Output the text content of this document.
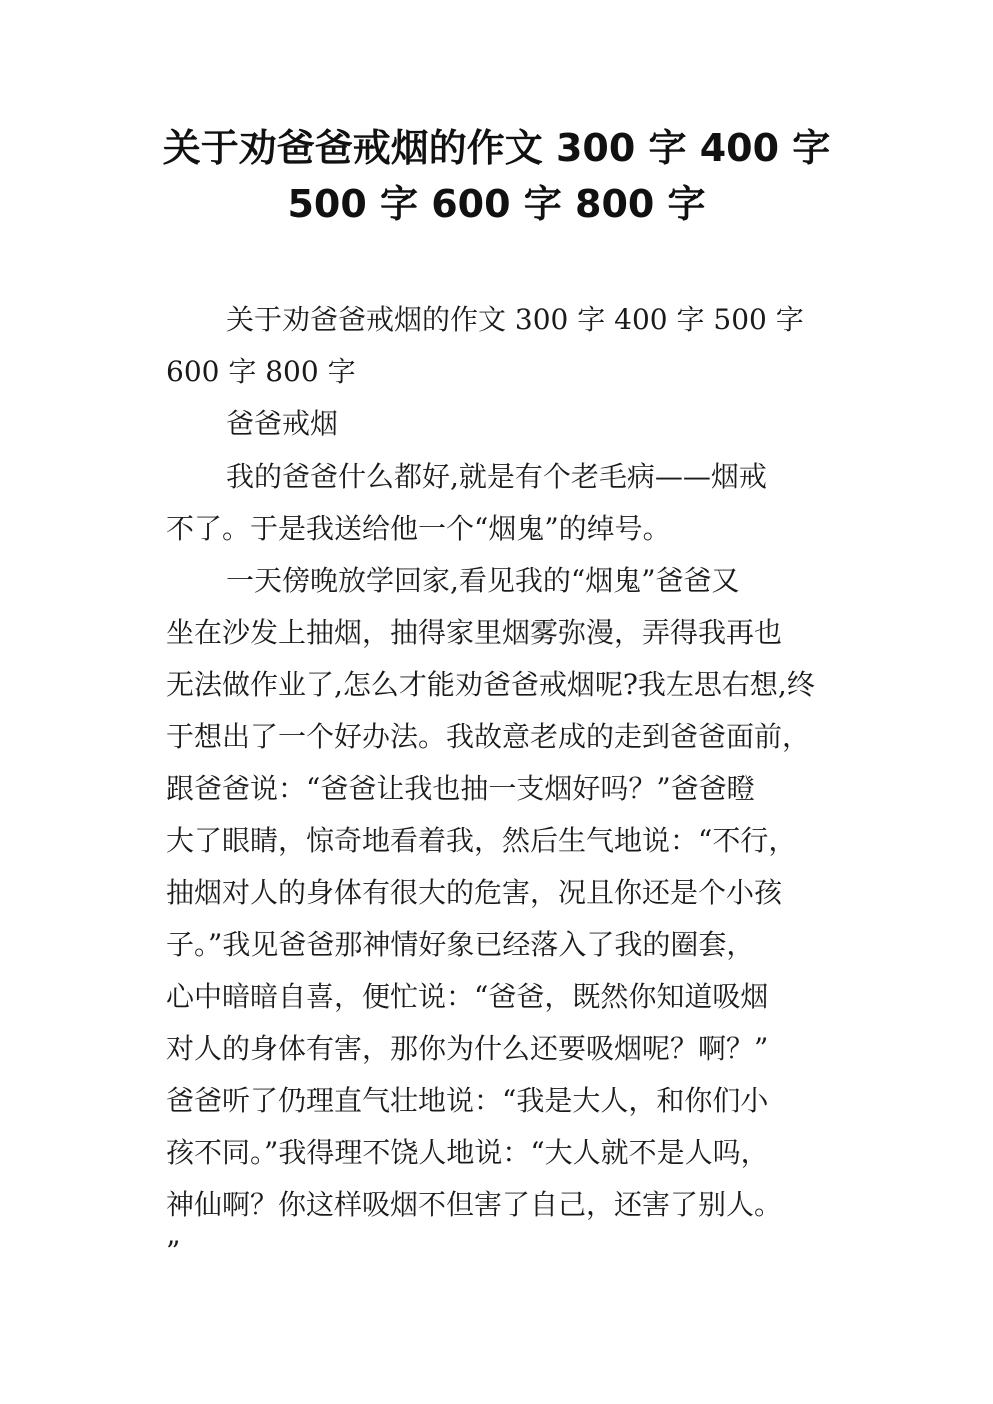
关于劝爸爸戒烟的作文 300 字 400 字
500 字 600 字 800 字
关于劝爸爸戒烟的作文 300 字 400 字 500 字
600 字 800 字
爸爸戒烟
我的爸爸什么都好,就是有个老毛病——烟戒
不了。于是我送给他一个“烟鬼”的绰号。
一天傍晚放学回家,看见我的“烟鬼”爸爸又
坐在沙发上抽烟，抽得家里烟雾弥漫，弄得我再也
无法做作业了,怎么才能劝爸爸戒烟呢?我左思右想,终
于想出了一个好办法。我故意老成的走到爸爸面前，
跟爸爸说：“爸爸让我也抽一支烟好吗？”爸爸瞪
大了眼睛，惊奇地看着我，然后生气地说：“不行，
抽烟对人的身体有很大的危害，况且你还是个小孩
子。”我见爸爸那神情好象已经落入了我的圈套，
心中暗暗自喜，便忙说：“爸爸，既然你知道吸烟
对人的身体有害，那你为什么还要吸烟呢？啊？”
爸爸听了仍理直气壮地说：“我是大人，和你们小
孩不同。”我得理不饶人地说：“大人就不是人吗，
神仙啊？你这样吸烟不但害了自己，还害了别人。
”
